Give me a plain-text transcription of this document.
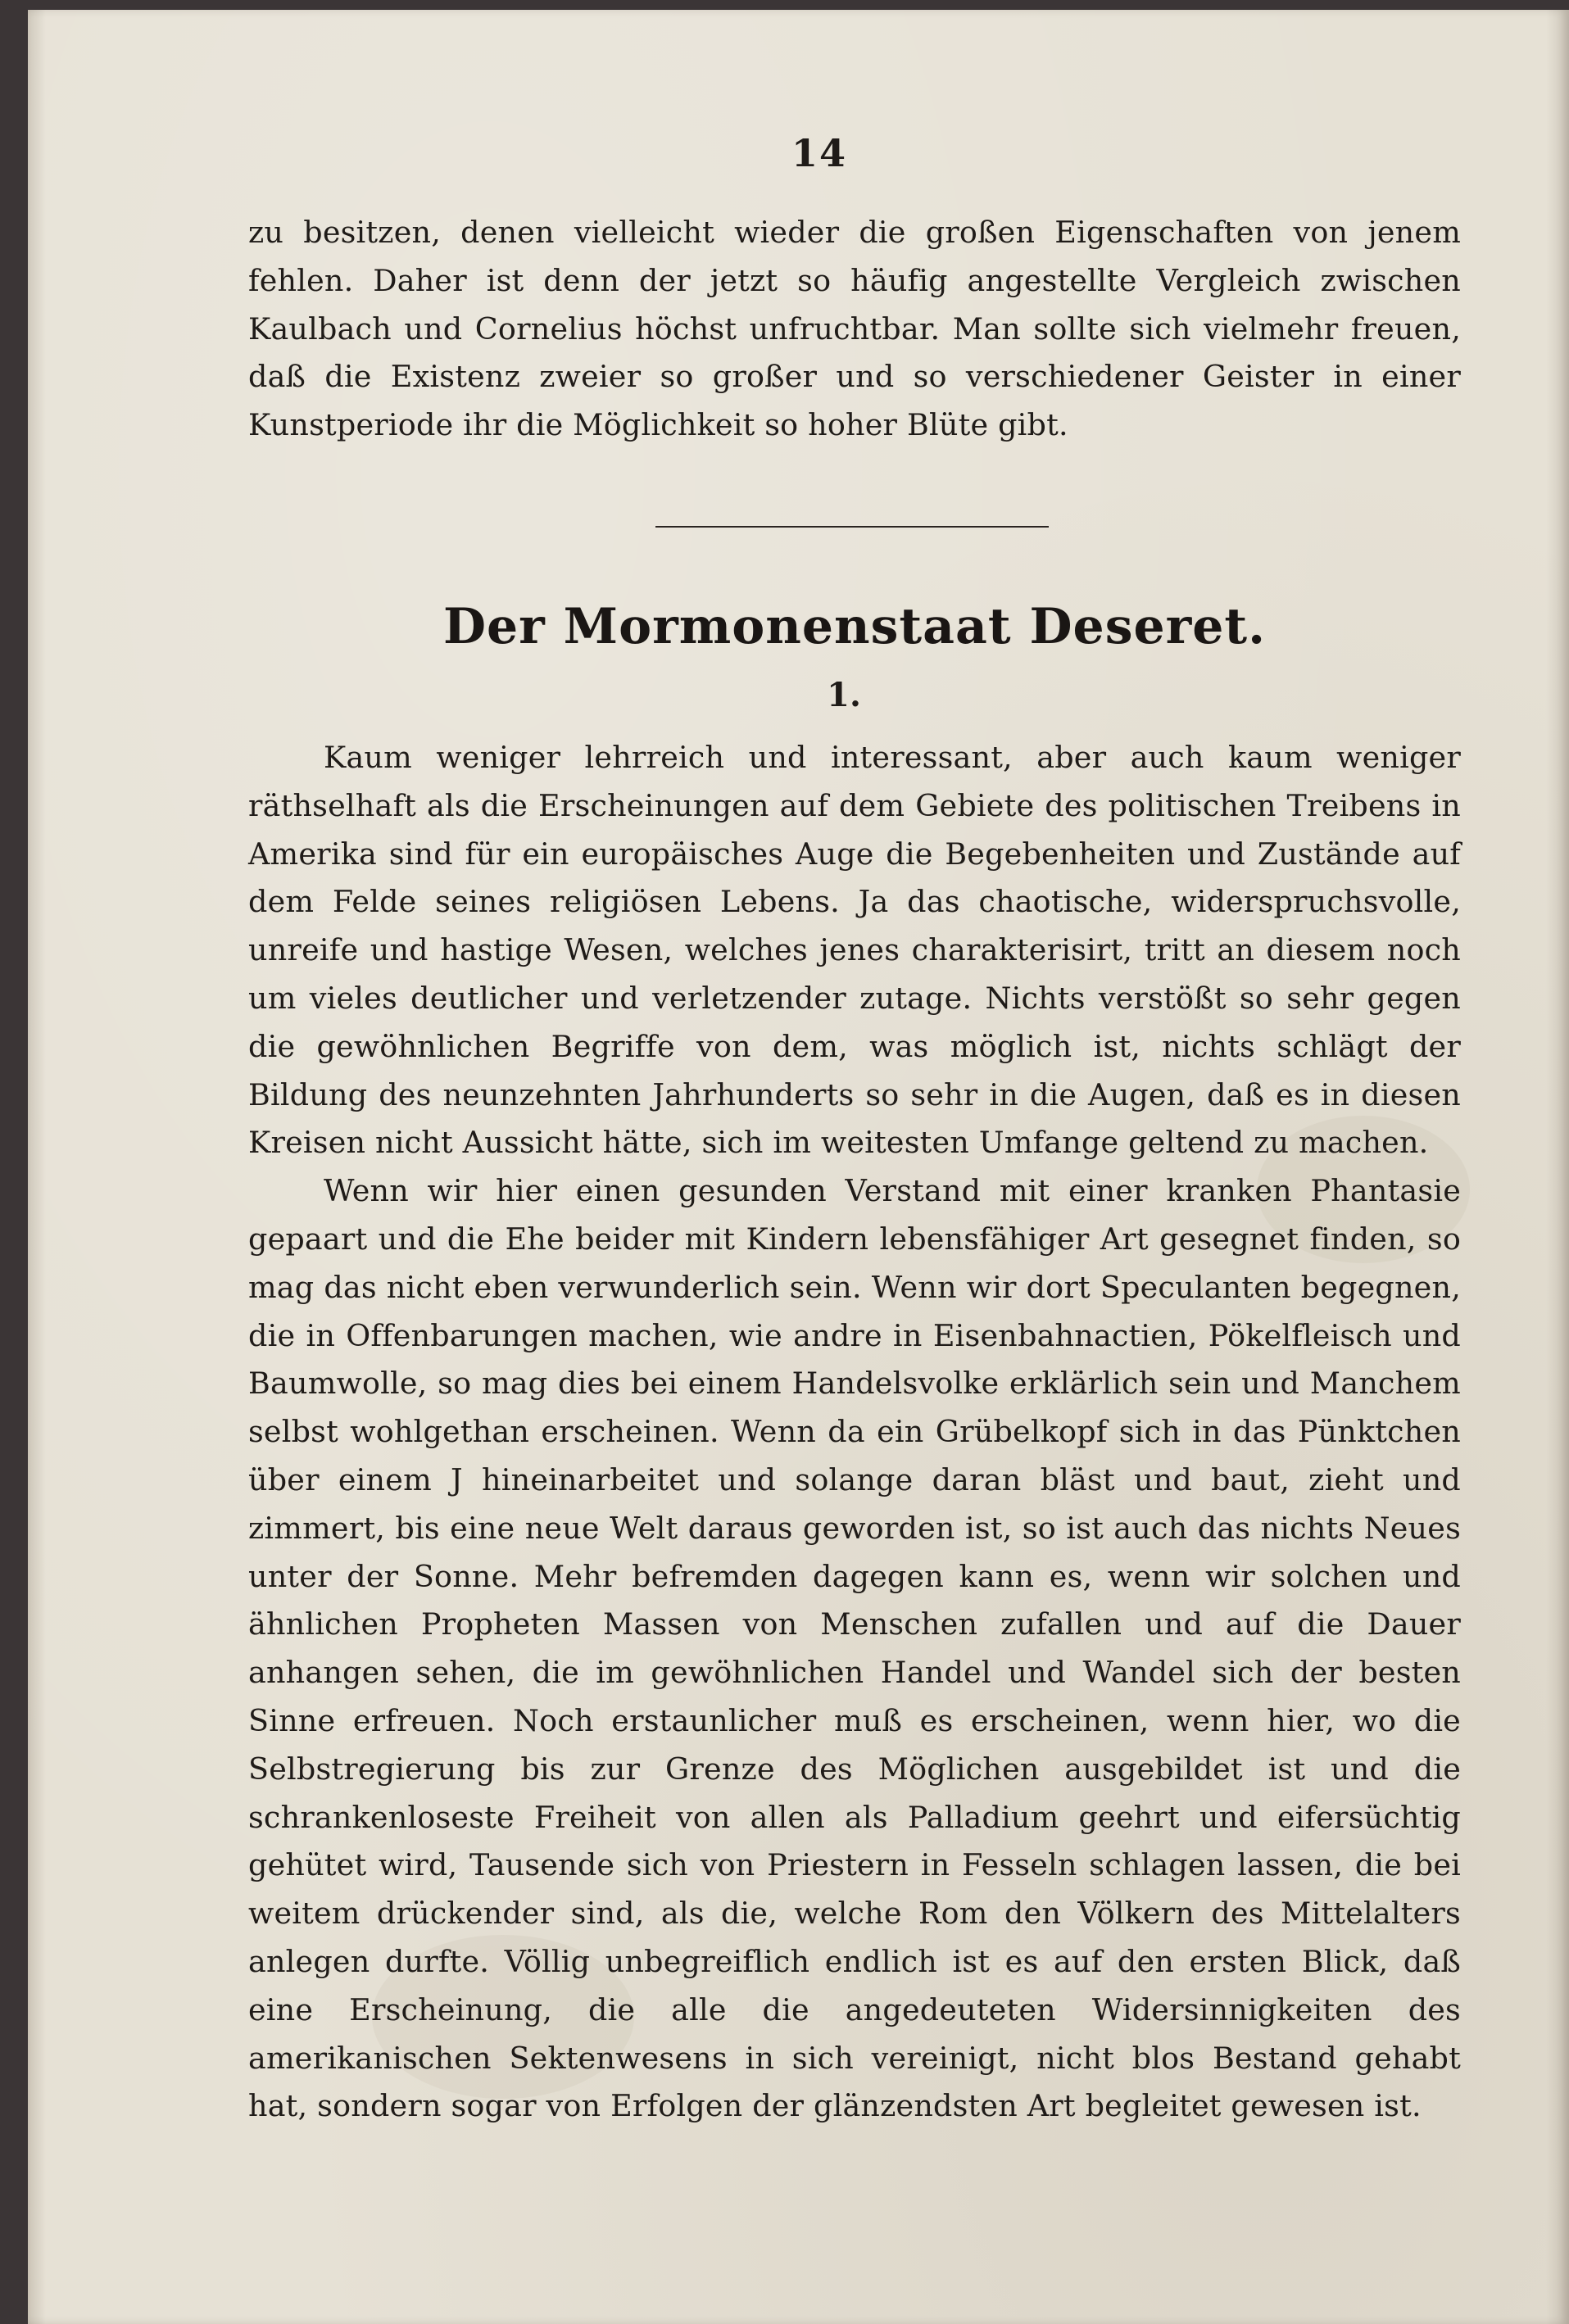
14

zu besitzen, denen vielleicht wieder die großen Eigenschaften von jenem fehlen. Daher ist denn der jetzt so häufig angestellte Vergleich zwischen Kaulbach und Cornelius höchst unfruchtbar. Man sollte sich vielmehr freuen, daß die Existenz zweier so großer und so verschiedener Geister in einer Kunstperiode ihr die Möglichkeit so hoher Blüte gibt.

Der Mormonenstaat Deseret.
1.

Kaum weniger lehrreich und interessant, aber auch kaum weniger räthselhaft als die Erscheinungen auf dem Gebiete des politischen Treibens in Amerika sind für ein europäisches Auge die Begebenheiten und Zustände auf dem Felde seines religiösen Lebens. Ja das chaotische, widerspruchsvolle, unreife und hastige Wesen, welches jenes charakterisirt, tritt an diesem noch um vieles deutlicher und verletzender zutage. Nichts verstößt so sehr gegen die gewöhnlichen Begriffe von dem, was möglich ist, nichts schlägt der Bildung des neunzehnten Jahrhunderts so sehr in die Augen, daß es in diesen Kreisen nicht Aussicht hätte, sich im weitesten Umfange geltend zu machen.

Wenn wir hier einen gesunden Verstand mit einer kranken Phantasie gepaart und die Ehe beider mit Kindern lebensfähiger Art gesegnet finden, so mag das nicht eben verwunderlich sein. Wenn wir dort Speculanten begegnen, die in Offenbarungen machen, wie andre in Eisenbahnactien, Pökelfleisch und Baumwolle, so mag dies bei einem Handelsvolke erklärlich sein und Manchem selbst wohlgethan erscheinen. Wenn da ein Grübelkopf sich in das Pünktchen über einem J hineinarbeitet und solange daran bläst und baut, zieht und zimmert, bis eine neue Welt daraus geworden ist, so ist auch das nichts Neues unter der Sonne. Mehr befremden dagegen kann es, wenn wir solchen und ähnlichen Propheten Massen von Menschen zufallen und auf die Dauer anhangen sehen, die im gewöhnlichen Handel und Wandel sich der besten Sinne erfreuen. Noch erstaunlicher muß es erscheinen, wenn hier, wo die Selbstregierung bis zur Grenze des Möglichen ausgebildet ist und die schrankenloseste Freiheit von allen als Palladium geehrt und eifersüchtig gehütet wird, Tausende sich von Priestern in Fesseln schlagen lassen, die bei weitem drückender sind, als die, welche Rom den Völkern des Mittelalters anlegen durfte. Völlig unbegreiflich endlich ist es auf den ersten Blick, daß eine Erscheinung, die alle die angedeuteten Widersinnigkeiten des amerikanischen Sektenwesens in sich vereinigt, nicht blos Bestand gehabt hat, sondern sogar von Erfolgen der glänzendsten Art begleitet gewesen ist.
